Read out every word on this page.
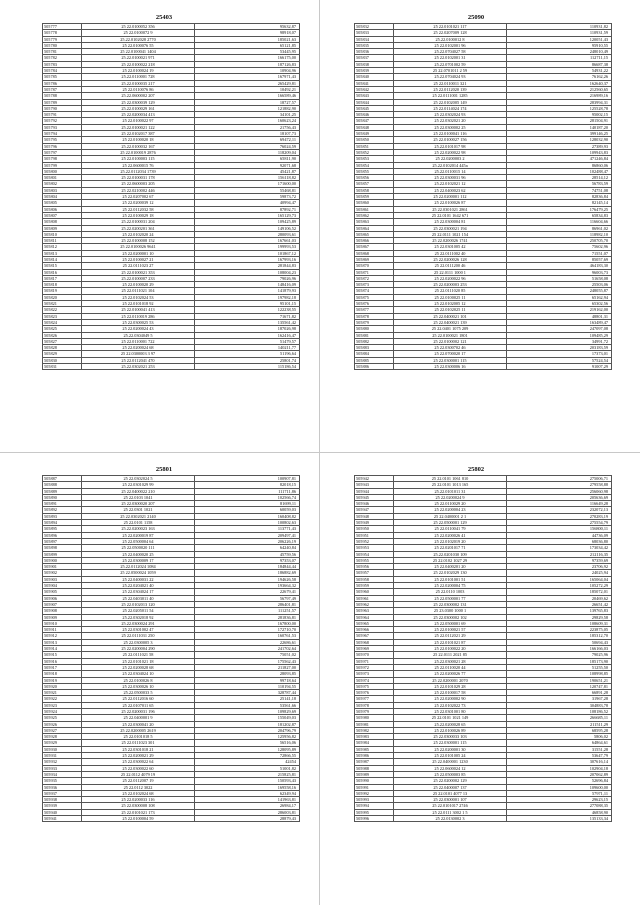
25403
505777	25 22.0100052 356	95632,87
505778	25 22.0100072 9	98918,07
505779	25.22.0102028 2770	185021,63
505780	25 22.0100076 55	65121,85
505781	25 22.0100041 1404	53445,95
505782	25.22.0100021 971	166175,00
505783	25 22.0100022 218	187126,83
505784	25 22.0100024 19	10904,96
505785	25.22.0110001 728	167971,43
505786	25.22.0100035 217	265429,81
505787	25 22.0110076 86	10492,21
505788	25.22.0600002 207	166589,46
505789	25 22.0300039 129	18727,57
505790	25.22.0100029 161	121882,90
505791	25 22.0200034 413	34101,25
505792	25 22.0100022 97	160623,24
505793	25.22.0100021 122	21756,43
505794	25 22.0102017 387	18107,73
505795	25 22.0100020 18	69472,11
505796	25.22.0100032 167	76024,59
505797	25 22.0100019 2876	118209,04
505798	25 22.0100003 115	65811,90
505799	25 22.0600015 76	92071,68
505800	25.22.0112034 1739	45421,87
505801	25 22.0100031 178	156118,82
505802	25 22.0600003 205	171600,00
505803	25 22.0210002 446	55468,81
505804	25 22.0207002 67	59873,72
505805	25 22.0200039 12	40994,47
505806	25 22.0112032 58	87892,71
505807	25 22.0100029 18	165129,73
505808	25.22.0100031 204	109425,89
505809	25.22.0200201 361	149106,52
505810	25 22.0102020 24	280093,61
505811	25 22.0100008 152	167661,03
505812	25 22.0100026 9641	199993,53
505813	25 22.0200001 10	101867,12
505814	25 22.0100027 21	167993,16
505815	25 22.0111023 27	281844,83
505816	25 22.0100021 353	108004,23
505817	25.22.0100007 233	79026,96
505818	25 22.0100020 29	148416,09
505819	25 22.0111021 104	141879,93
505820	25 22.0102024 53	197982,18
505821	25 22.0101018 92	95101,15
505822	25 22.0100041 413	122238,55
505823	25 22.0110019 286	71671,82
505824	25 22.0300025 53	135561,42
505825	25 22.0200024 43	187026,98
505826	25.22.0304049 5	162416,47
505827	25 22.0110001 722	51479,57
505828	25 22.0200024 68	140211,77
505829	25 22.0300003 3 97	51196,64
505830	25 22.0112041 470	25801,74
505831	25.22.0302021 253	115186,54
25090
505832	25 22.0101021 117	110931,82
505833	25 22.0207009 128	110931,59
505834	25.22.0100012 8	120051,43
505835	25 22.0102001 96	95910,55
505836	25.22.0704027 58	248010,49
505837	25 22.0102001 31	112711,15
505838	25.22.0701002 59	86687,38
505839	25 22.0701011 2 59	54931,22
505840	25.22.0704024 93	76162,26
505841	25 22.0110011 321	162640,37
505842	25 22.0112020 139	212560,65
505843	25 22.0111001 1285	216989,16
505844	25 22.0102005 149	283994,31
505845	25 22.0114024 174	125528,78
505846	25 22.0302024 93	95002,15
505847	25 22.0302021 20	281504,91
505848	25 22.0300002 25	140187,20
505849	25 22.0100041 116	399146,25
505850	25 22.0100027 156	128032,90
505851	25.22.0101017 98	27389,93
505852	25 22.0200022 98	109943,83
505853	25 22.0200003 2	471246,84
505854	25.22.0102014 445a	86860,06
505855	25.22.0110015 14	102488,47
505856	25 22.0300031 96	28514,12
505857	25.22.0102021 12	56783,59
505858	25 22.0400023 62	74751,08
505859	25 22.0200001 112	82836,84
505860	25 22.0100026 87	82145,14
505861	25 22.0301021 2861	176479,25
505862	25 22.0101 1642 671	65834,83
505863	25 22.0300004 81	116604,66
505864	25 22.0300021 194	86961,02
505865	25 22.0111 1021 154	118982,10
505866	25 22.0200026 1741	250705,70
505867	25 22.0301005 42	75602,96
505868	25 22.0111002 40	71551,07
505869	25 22.0200026 128	85057,69
505870	25 22.0111200 46	464183,30
505871	25 22.0111 1000 1	96003,73
505872	25 22.0200022 96	51658,08
505873	25 22.0200003 253	25503,06
505874	25 22.0111020 85	248055,87
505875	25 22.0100025 11	65162,94
505876	25 22.0102005 12	65302,56
505877	25 22.0102025 11	219162,00
505878	25 22.0400021 101	48801,31
505879	25 22.0400021 139	163489,47
505880	25 22.0401 1075 209	247097,08
505881	25 22.0100021 1801	109485,29
505882	25 22.0100002 121	34991,72
505883	25 22.0300702 46	203183,59
505884	25 22.0700020 17	17373,01
505885	25 22.0300001 115	57524,54
505886	25 22.0300006 16	91007,29
25801
505887	25 22.0302024 5	100907,81
505888	25 22.0301029 99	82018,15
505889	25 22.0400022 210	111711,86
505890	25 22.0103 1041	102566,74
505891	25 22.0300020 207	81699,11
505892	25 22.0301 1021	60059,03
505893	25 22.0302021 2140	160408,82
505894	25 22.0101 1158	100802,63
505895	25.22.0200023 163	113771,43
505896	25 22.0200019 87	209497,41
505897	25 22.0500004 64	206226,19
505898	25 22.0500020 111	64240,84
505899	25 22.0400020 25	45759,56
505900	25 22.0300009 17	97353,07
505901	25.22.0112024 1084	184844,44
505902	25 22.0500024 1059	186882,69
505903	25 22.0400031 22	194626,58
505904	25.22.0204021 40	193664,32
505905	25 22.0304024 17	22679,41
505906	25 22.0403011 40	56797,49
505907	25 22.0102013 120	286401,81
505908	25 22.0205011 54	111251,57
505909	25.22.0302018 92	281836,81
505910	25.22.0300024 291	167800,00
505911	25 22.0301002 47	172710,70
505912	25 22.0111031 250	160761,53
505913	25 22.0300005 3	22686,61
505914	25 22.0200004 290	241702,64
505915	25 22.0111021 58	75051,02
505916	25 22.0101021 18	175562,43
505917	25 22.0200028 68	211827,00
505918	25 22.0304024 10	28093,85
505919	25 22.0100026 8	99718,64
505920	25 22.0300026 10	110194,55
505921	25.22.0500033 5	328787,44
505922	25 22.0112016 60	25141,18
505923	25 22.0107011 65	53561,66
505924	25 22.0200031 196	109829,69
505925	25 22.0400001 9	155049,03
505926	25 22.0300041 20	181202,87
505927	25 22.0200005 2619	204796,79
505928	25 22.0101018 5	125956,82
505929	25 22.0111023 301	56516,06
505930	25 22.0301018 21	128095,89
505931	25 22.0200021 29	72866,55
505932	25 22.0300022 64	42454
505933	25 22.0300022 60	51001,82
505934	25 22.0112 4079 19	215825,81
505935	25 22.0112007 19	150593,43
505936	25 22.0112 3022	169558,16
505937	25 22.0102024 68	62349,94
505938	25 22.0200033 116	141963,81
505939	25 22.0300008 108	26984,17
505940	25 22.0101021 173	286003,81
505941	25 22.0100004 59	28879,43
25802
505942	25 22.0101 1061 810	275006,71
505943	25 22.0101 1013 165	279558,88
505944	25.22.0101011 31	256060,98
505945	25 22.0200024 9	205636,69
505946	25 22.0110029 20	116649,28
505947	25 22.0200004 23	232072,13
505948	25 22.0400001 2 1	270283,19
505949	25 22.0500001 129	275554,79
505950	25 22.0110041 79	156800,11
505951	25 22.0200026 41	44736,09
505952	25 22.0102019 20	68036,80
505953	25 22.0201017 71	173034,42
505954	25.22.0201030 109	212116,35
505955	25 22.0102 1027 29	97359,69
505956	25 22.0400201 20	23706,92
505957	25 22.0102029 130	24025,94
505958	25 22.0101001 51	165064,04
505959	25 22.0200004 75	105272,29
505960	25 22.0110 1003	185072,01
505961	25 22.0500001 77	20469,62
505962	25 22.0300002 131	26651,42
505963	25 23.0300 1000 1	139765,83
505964	25 22.0300002 102	29829,58
505965	25 22.0500001 69	108609,31
505966	25 22.0100021 57	223875,05
505967	25 22.0112021 29	185312,70
505968	25 22.0101021 87	50694,43
505969	25 22.0100022 20	166166,03
505970	25 22.0111 2021 85	79025,96
505971	25.22.0300021 28	185173,90
505972	25 22.0110020 44	51255,50
505973	25 22.0200026 77	108998,85
505974	25 22.0200001 2070	190651,21
505975	25 22.0101029 28	120747,81
505976	25 22.0100017 58	66891,28
505977	25 22.0200002 90	31967,28
505978	25 22.0102022 73	304883,78
505979	25 22.0301001 80	108186,52
505980	25 22.0101 1021 149	266685,11
505981	25.22.0200028 65	211511,29
505982	25 22.0100026 89	68595,28
505983	25 22.0300033 103	5806,02
505984	25 22.0300001 115	64864,61
505985	25 22.0200001 30	31551,28
505986	25 22.0101005 24	53647,79
505987	25 22.0400001 1230	307616,14
505988	25 22.0600024 12	102904,18
505989	25 22.0500003 85	207062,89
505990	25 22.0200002 129	52696,84
505991	25 22.0400007 137	109600,00
505992	25 22.0101 4077 13	57971,11
505993	25 22.0300001 107	29623,15
505994	25 22.0101017 2746	277088,35
505995	25 22.0111 3002 1 5	46858,90
505996	25 22.0130002 3	135133,34
